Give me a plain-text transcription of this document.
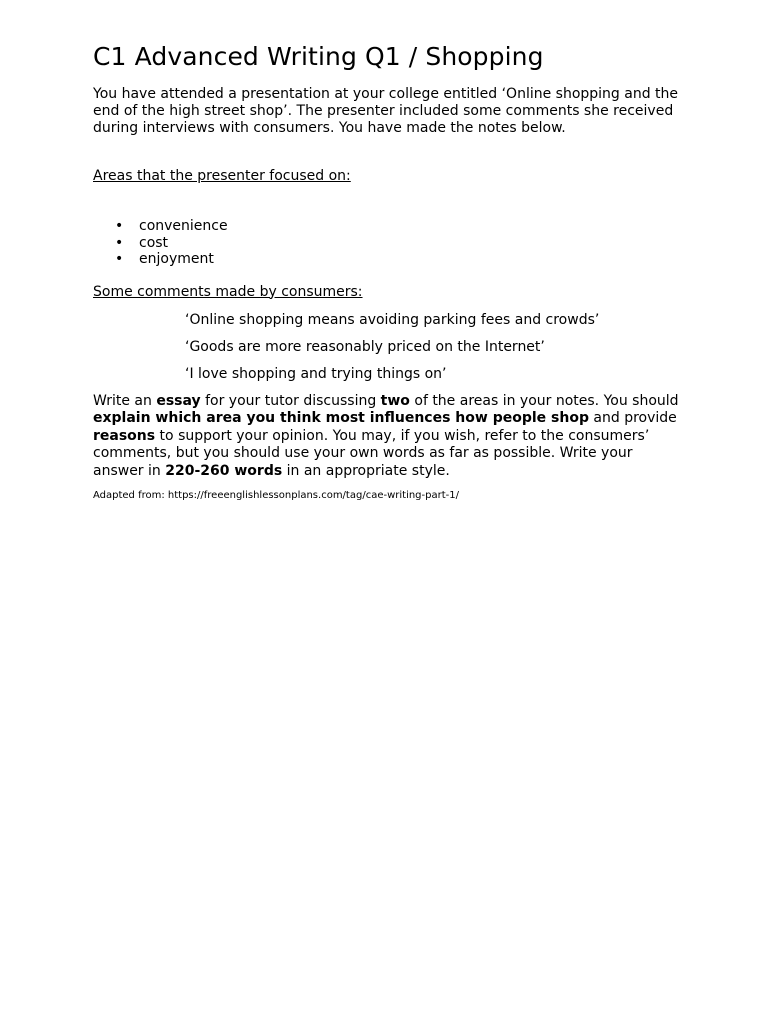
C1 Advanced Writing Q1 / Shopping

You have attended a presentation at your college entitled ‘Online shopping and the end of the high street shop’. The presenter included some comments she received during interviews with consumers. You have made the notes below.

Areas that the presenter focused on:

• convenience
• cost
• enjoyment

Some comments made by consumers:

‘Online shopping means avoiding parking fees and crowds’

‘Goods are more reasonably priced on the Internet’

‘I love shopping and trying things on’

Write an essay for your tutor discussing two of the areas in your notes. You should explain which area you think most influences how people shop and provide reasons to support your opinion. You may, if you wish, refer to the consumers’ comments, but you should use your own words as far as possible. Write your answer in 220-260 words in an appropriate style.

Adapted from: https://freeenglishlessonplans.com/tag/cae-writing-part-1/
